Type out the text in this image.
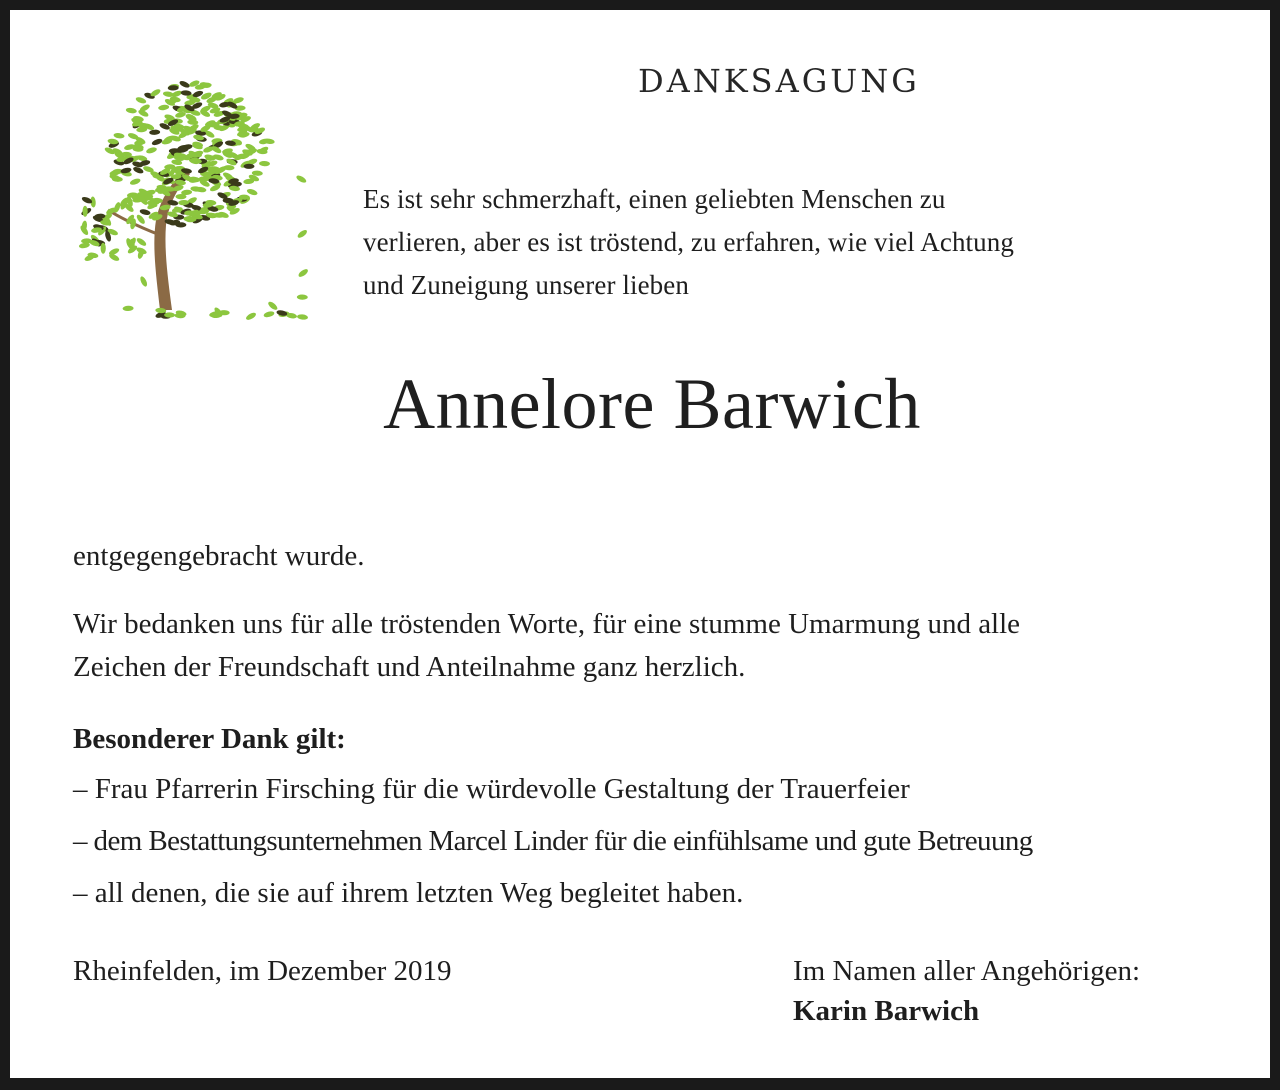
DANKSAGUNG
Es ist sehr schmerzhaft, einen geliebten Menschen zu
verlieren, aber es ist tröstend, zu erfahren, wie viel Achtung
und Zuneigung unserer lieben
Annelore Barwich
entgegengebracht wurde.
Wir bedanken uns für alle tröstenden Worte, für eine stumme Umarmung und alle
Zeichen der Freundschaft und Anteilnahme ganz herzlich.
Besonderer Dank gilt:
– Frau Pfarrerin Firsching für die würdevolle Gestaltung der Trauerfeier
– dem Bestattungsunternehmen Marcel Linder für die einfühlsame und gute Betreuung
– all denen, die sie auf ihrem letzten Weg begleitet haben.
Rheinfelden, im Dezember 2019	Im Namen aller Angehörigen:
Karin Barwich
